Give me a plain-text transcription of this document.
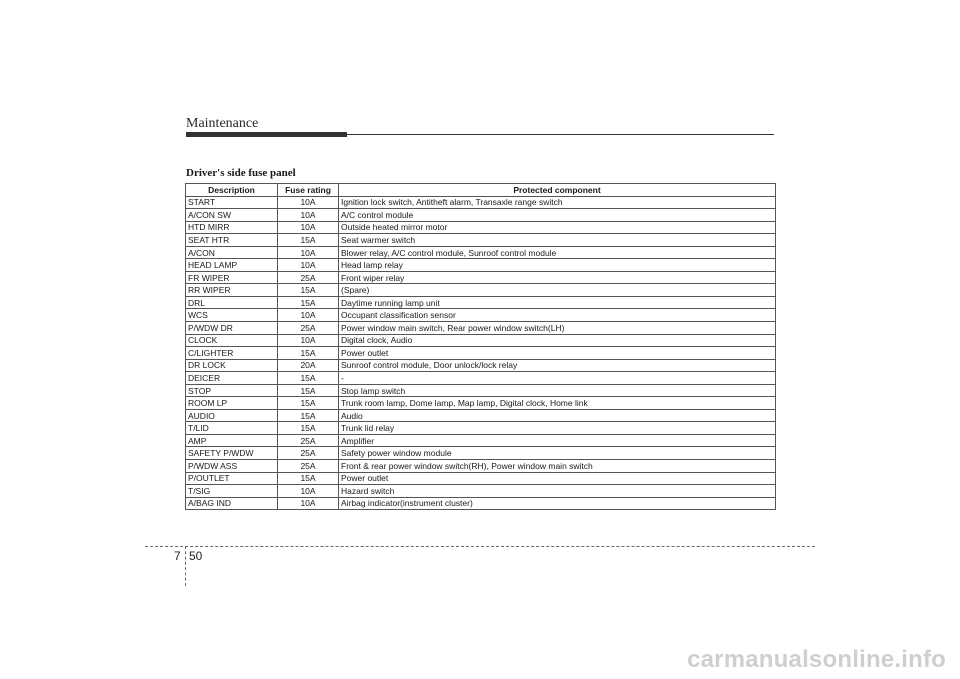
Maintenance
Driver's side fuse panel
Description	Fuse rating	Protected component
START	10A	Ignition lock switch, Antitheft alarm, Transaxle range switch
A/CON SW	10A	A/C control module
HTD MIRR	10A	Outside heated mirror motor
SEAT HTR	15A	Seat warmer switch
A/CON	10A	Blower relay, A/C control module, Sunroof control module
HEAD LAMP	10A	Head lamp relay
FR WIPER	25A	Front wiper relay
RR WIPER	15A	(Spare)
DRL	15A	Daytime running lamp unit
WCS	10A	Occupant classification sensor
P/WDW DR	25A	Power window main switch, Rear power window switch(LH)
CLOCK	10A	Digital clock, Audio
C/LIGHTER	15A	Power outlet
DR LOCK	20A	Sunroof control module, Door unlock/lock relay
DEICER	15A	-
STOP	15A	Stop lamp switch
ROOM LP	15A	Trunk room lamp, Dome lamp, Map lamp, Digital clock, Home link
AUDIO	15A	Audio
T/LID	15A	Trunk lid relay
AMP	25A	Amplifier
SAFETY P/WDW	25A	Safety power window module
P/WDW ASS	25A	Front & rear power window switch(RH), Power window main switch
P/OUTLET	15A	Power outlet
T/SIG	10A	Hazard switch
A/BAG IND	10A	Airbag indicator(instrument cluster)
7 50
carmanualsonline.info
